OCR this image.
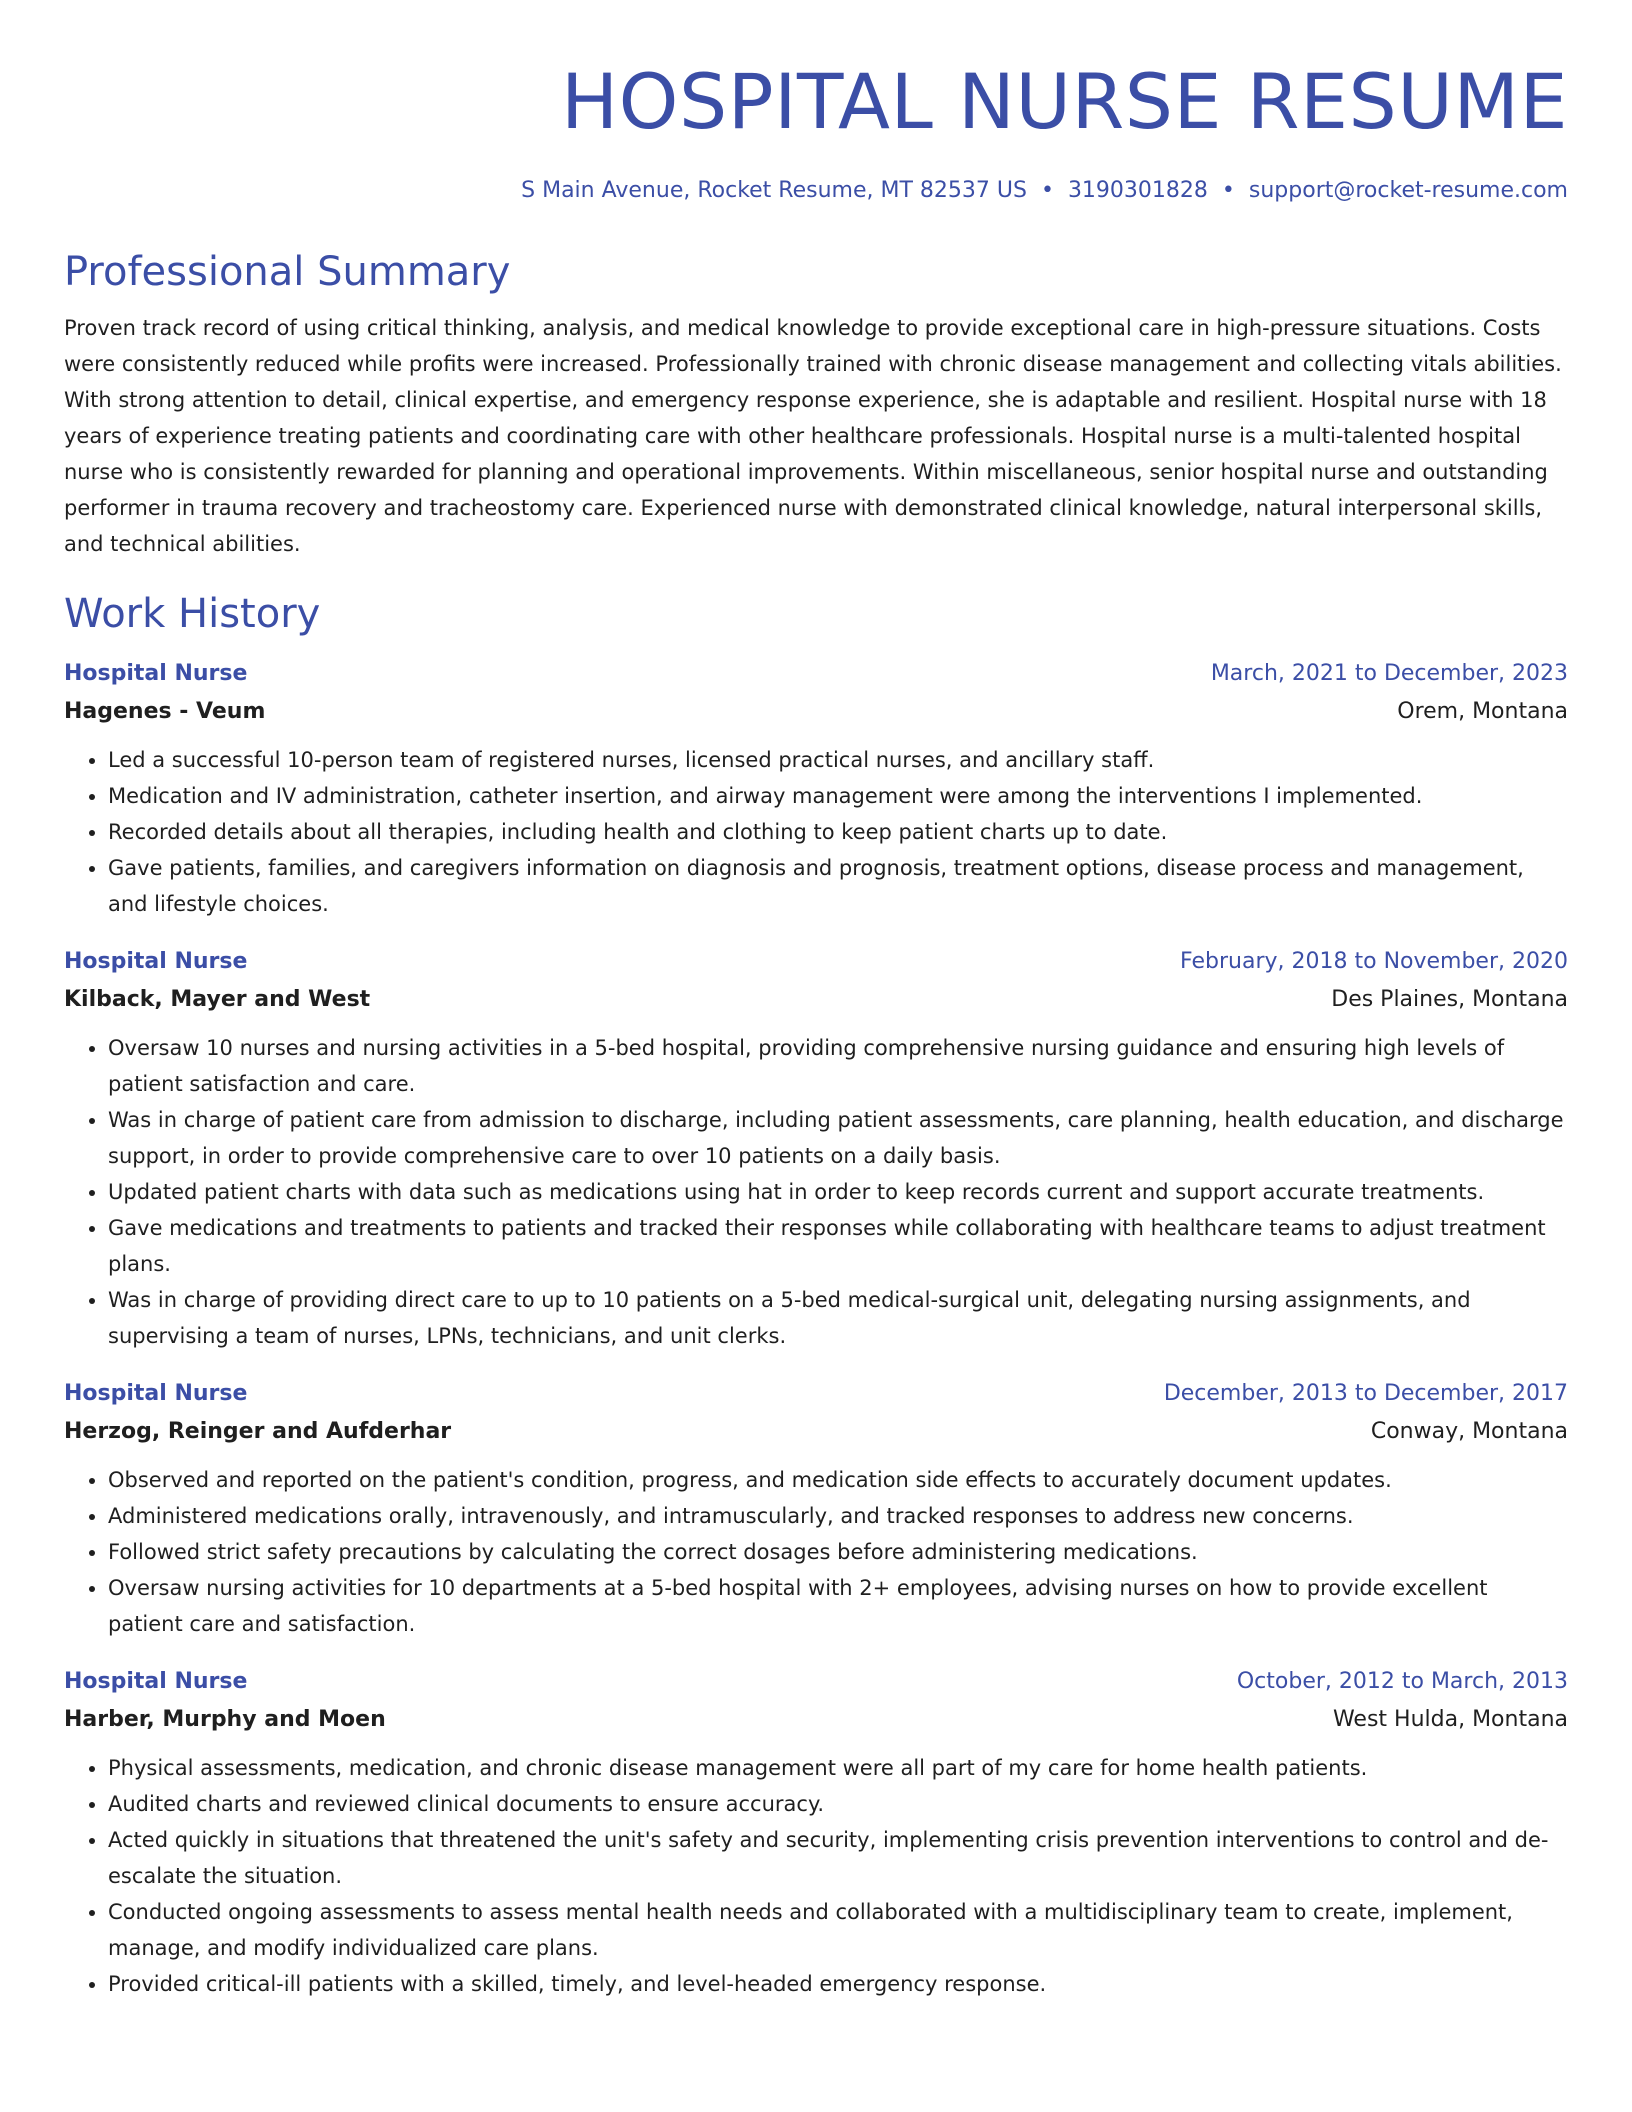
HOSPITAL NURSE RESUME
S Main Avenue, Rocket Resume, MT 82537 US • 3190301828 • support@rocket-resume.com
Professional Summary

Proven track record of using critical thinking, analysis, and medical knowledge to provide exceptional care in high-pressure situations. Costs were consistently reduced while profits were increased. Professionally trained with chronic disease management and collecting vitals abilities. With strong attention to detail, clinical expertise, and emergency response experience, she is adaptable and resilient. Hospital nurse with 18 years of experience treating patients and coordinating care with other healthcare professionals. Hospital nurse is a multi-talented hospital nurse who is consistently rewarded for planning and operational improvements. Within miscellaneous, senior hospital nurse and outstanding performer in trauma recovery and tracheostomy care. Experienced nurse with demonstrated clinical knowledge, natural interpersonal skills, and technical abilities.

Work History
Hospital Nurse	March, 2021 to December, 2023
Hagenes - Veum	Orem, Montana
• Led a successful 10-person team of registered nurses, licensed practical nurses, and ancillary staff.
• Medication and IV administration, catheter insertion, and airway management were among the interventions I implemented.
• Recorded details about all therapies, including health and clothing to keep patient charts up to date.
• Gave patients, families, and caregivers information on diagnosis and prognosis, treatment options, disease process and management, and lifestyle choices.
Hospital Nurse	February, 2018 to November, 2020
Kilback, Mayer and West	Des Plaines, Montana
• Oversaw 10 nurses and nursing activities in a 5-bed hospital, providing comprehensive nursing guidance and ensuring high levels of patient satisfaction and care.
• Was in charge of patient care from admission to discharge, including patient assessments, care planning, health education, and discharge support, in order to provide comprehensive care to over 10 patients on a daily basis.
• Updated patient charts with data such as medications using hat in order to keep records current and support accurate treatments.
• Gave medications and treatments to patients and tracked their responses while collaborating with healthcare teams to adjust treatment plans.
• Was in charge of providing direct care to up to 10 patients on a 5-bed medical-surgical unit, delegating nursing assignments, and supervising a team of nurses, LPNs, technicians, and unit clerks.
Hospital Nurse	December, 2013 to December, 2017
Herzog, Reinger and Aufderhar	Conway, Montana
• Observed and reported on the patient's condition, progress, and medication side effects to accurately document updates.
• Administered medications orally, intravenously, and intramuscularly, and tracked responses to address new concerns.
• Followed strict safety precautions by calculating the correct dosages before administering medications.
• Oversaw nursing activities for 10 departments at a 5-bed hospital with 2+ employees, advising nurses on how to provide excellent patient care and satisfaction.
Hospital Nurse	October, 2012 to March, 2013
Harber, Murphy and Moen	West Hulda, Montana
• Physical assessments, medication, and chronic disease management were all part of my care for home health patients.
• Audited charts and reviewed clinical documents to ensure accuracy.
• Acted quickly in situations that threatened the unit's safety and security, implementing crisis prevention interventions to control and de-escalate the situation.
• Conducted ongoing assessments to assess mental health needs and collaborated with a multidisciplinary team to create, implement, manage, and modify individualized care plans.
• Provided critical-ill patients with a skilled, timely, and level-headed emergency response.
